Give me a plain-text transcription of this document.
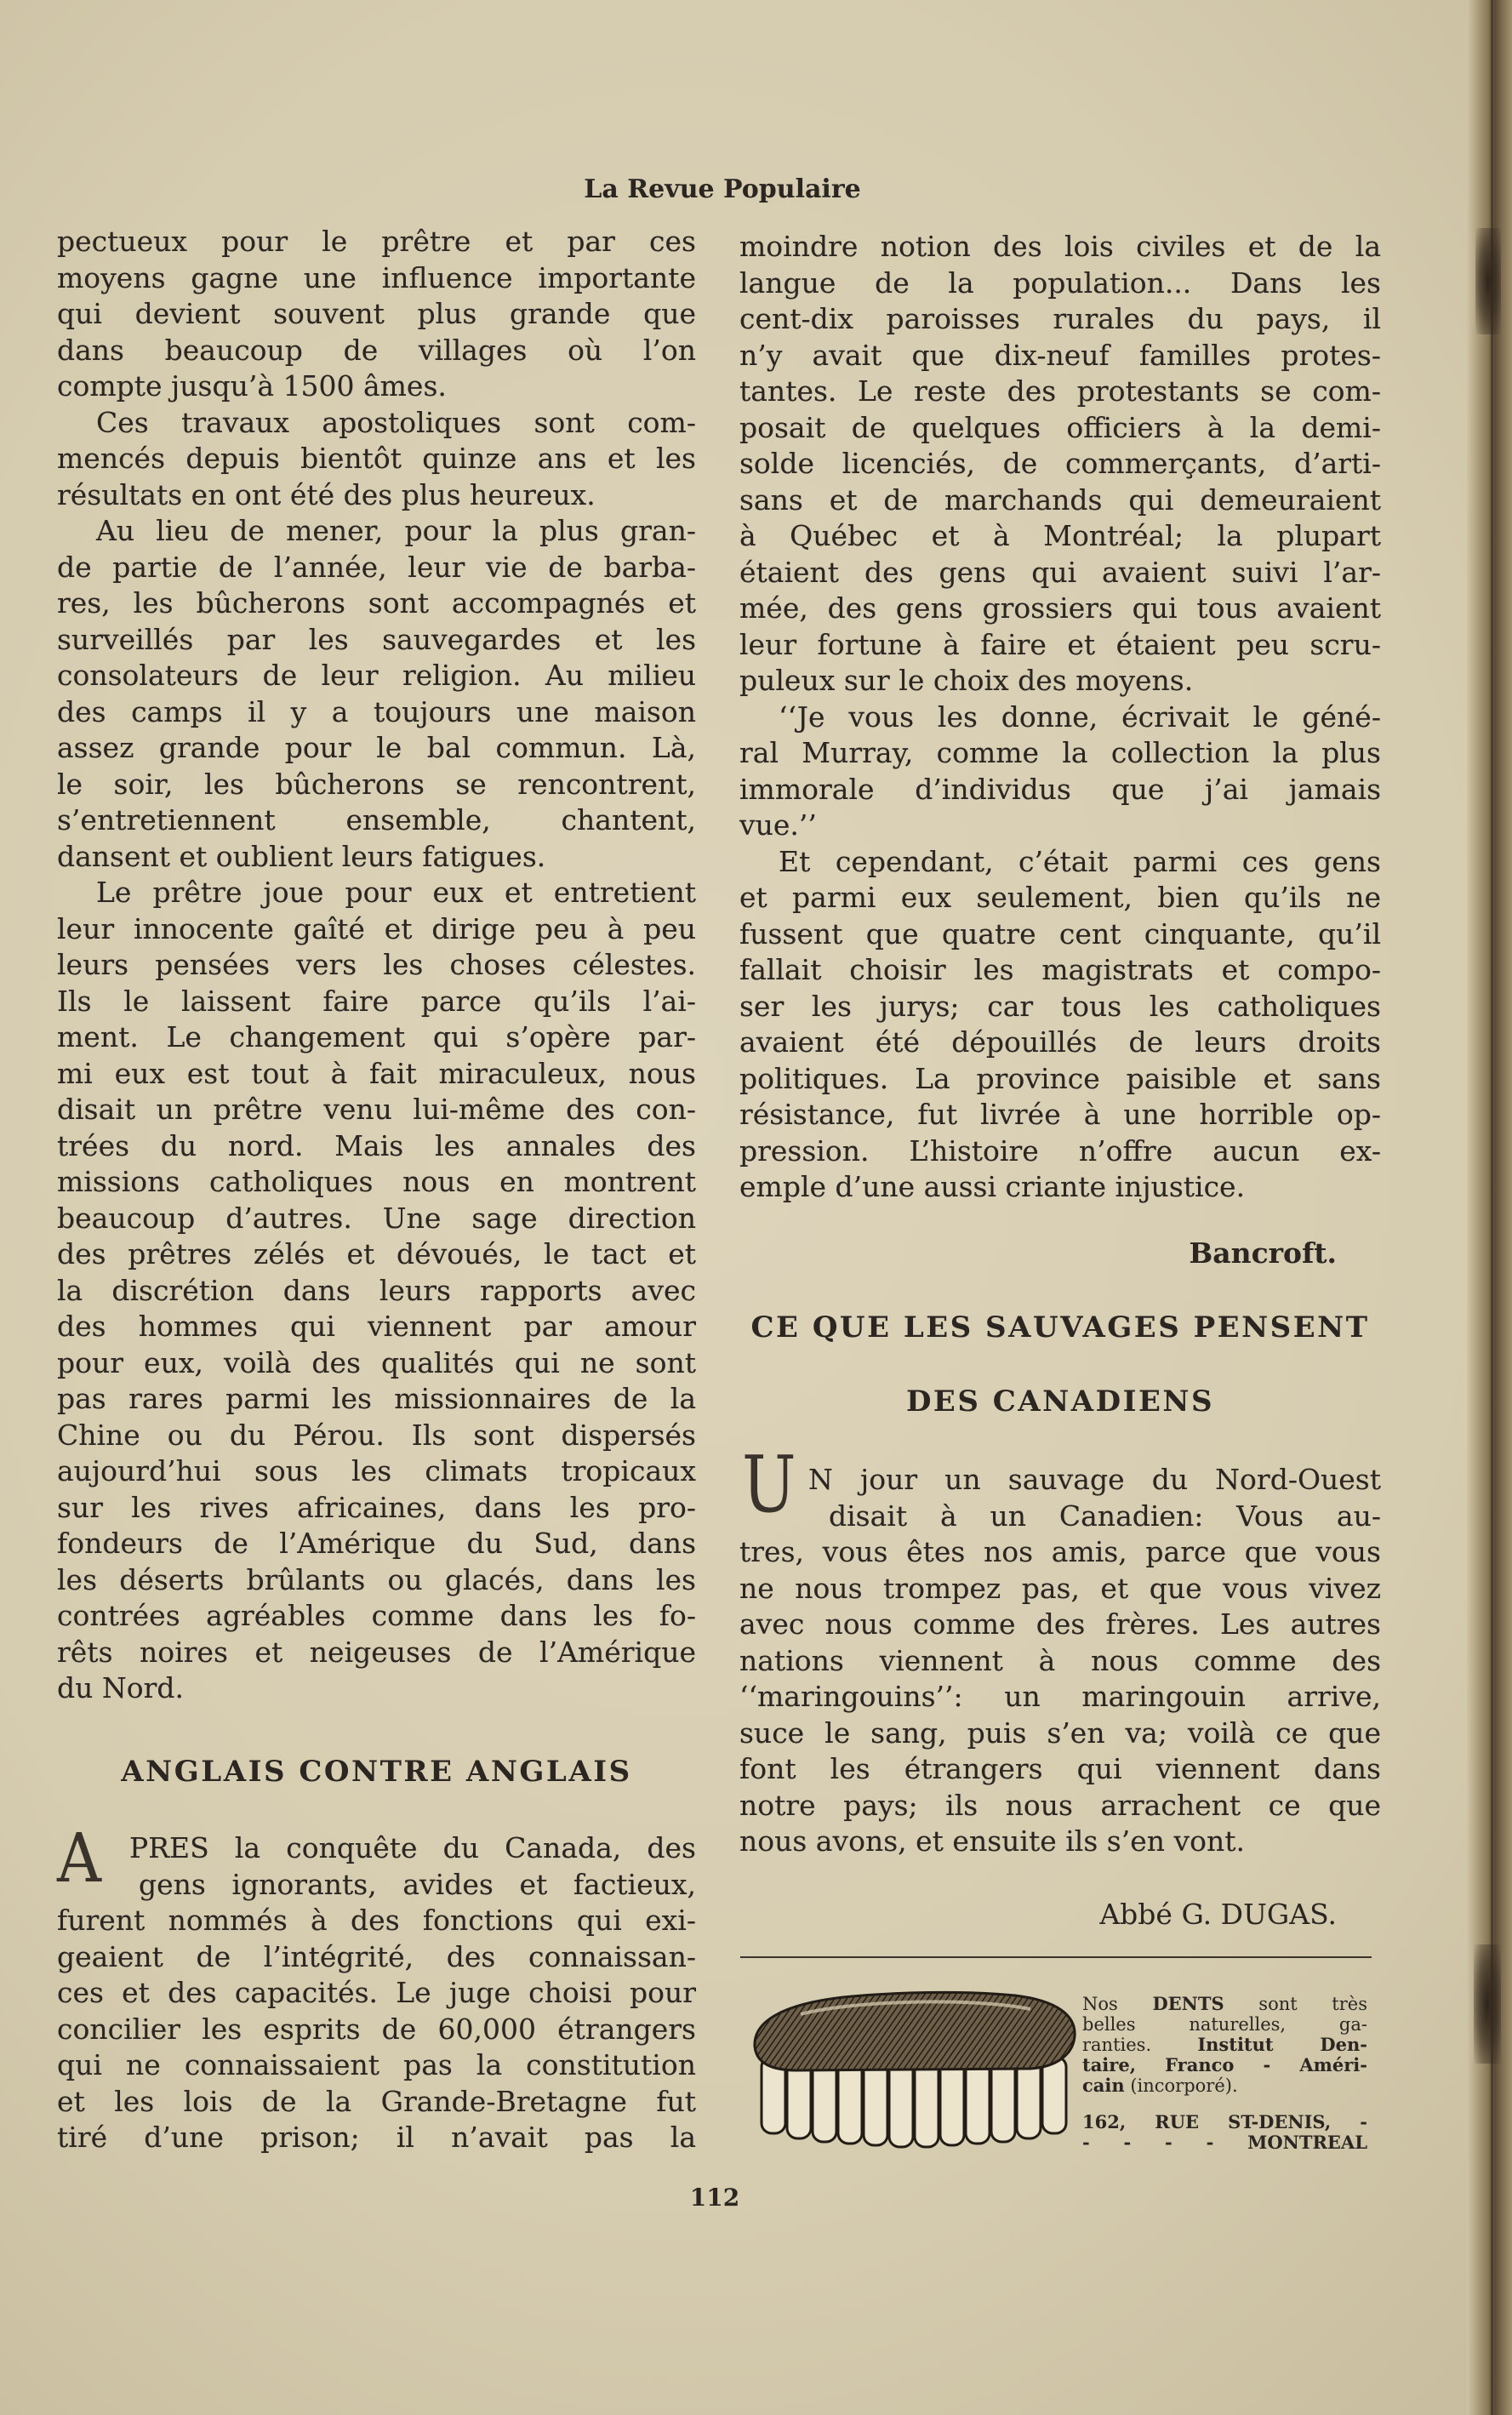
La Revue Populaire
pectueux pour le prêtre et par ces
moyens gagne une influence importante
qui devient souvent plus grande que
dans beaucoup de villages où l’on
compte jusqu’à 1500 âmes.
Ces travaux apostoliques sont com-
mencés depuis bientôt quinze ans et les
résultats en ont été des plus heureux.
Au lieu de mener, pour la plus gran-
de partie de l’année, leur vie de barba-
res, les bûcherons sont accompagnés et
surveillés par les sauvegardes et les
consolateurs de leur religion. Au milieu
des camps il y a toujours une maison
assez grande pour le bal commun. Là,
le soir, les bûcherons se rencontrent,
s’entretiennent ensemble, chantent,
dansent et oublient leurs fatigues.
Le prêtre joue pour eux et entretient
leur innocente gaîté et dirige peu à peu
leurs pensées vers les choses célestes.
Ils le laissent faire parce qu’ils l’ai-
ment. Le changement qui s’opère par-
mi eux est tout à fait miraculeux, nous
disait un prêtre venu lui-même des con-
trées du nord. Mais les annales des
missions catholiques nous en montrent
beaucoup d’autres. Une sage direction
des prêtres zélés et dévoués, le tact et
la discrétion dans leurs rapports avec
des hommes qui viennent par amour
pour eux, voilà des qualités qui ne sont
pas rares parmi les missionnaires de la
Chine ou du Pérou. Ils sont dispersés
aujourd’hui sous les climats tropicaux
sur les rives africaines, dans les pro-
fondeurs de l’Amérique du Sud, dans
les déserts brûlants ou glacés, dans les
contrées agréables comme dans les fo-
rêts noires et neigeuses de l’Amérique
du Nord.
ANGLAIS CONTRE ANGLAIS
A PRES la conquête du Canada, des
gens ignorants, avides et factieux,
furent nommés à des fonctions qui exi-
geaient de l’intégrité, des connaissan-
ces et des capacités. Le juge choisi pour
concilier les esprits de 60,000 étrangers
qui ne connaissaient pas la constitution
et les lois de la Grande-Bretagne fut
tiré d’une prison; il n’avait pas la
moindre notion des lois civiles et de la
langue de la population... Dans les
cent-dix paroisses rurales du pays, il
n’y avait que dix-neuf familles protes-
tantes. Le reste des protestants se com-
posait de quelques officiers à la demi-
solde licenciés, de commerçants, d’arti-
sans et de marchands qui demeuraient
à Québec et à Montréal; la plupart
étaient des gens qui avaient suivi l’ar-
mée, des gens grossiers qui tous avaient
leur fortune à faire et étaient peu scru-
puleux sur le choix des moyens.
‘‘Je vous les donne, écrivait le géné-
ral Murray, comme la collection la plus
immorale d’individus que j’ai jamais
vue.’’
Et cependant, c’était parmi ces gens
et parmi eux seulement, bien qu’ils ne
fussent que quatre cent cinquante, qu’il
fallait choisir les magistrats et compo-
ser les jurys; car tous les catholiques
avaient été dépouillés de leurs droits
politiques. La province paisible et sans
résistance, fut livrée à une horrible op-
pression. L’histoire n’offre aucun ex-
emple d’une aussi criante injustice.
Bancroft.
CE QUE LES SAUVAGES PENSENT
DES CANADIENS
U N jour un sauvage du Nord-Ouest
disait à un Canadien: Vous au-
tres, vous êtes nos amis, parce que vous
ne nous trompez pas, et que vous vivez
avec nous comme des frères. Les autres
nations viennent à nous comme des
‘‘maringouins’’: un maringouin arrive,
suce le sang, puis s’en va; voilà ce que
font les étrangers qui viennent dans
notre pays; ils nous arrachent ce que
nous avons, et ensuite ils s’en vont.
Abbé G. DUGAS.
Nos DENTS sont très
belles naturelles, ga-
ranties.	Institut Den-
taire, Franco - Améri-
cain (incorporé).
162, RUE ST-DENIS, -
- - - - MONTREAL
112
